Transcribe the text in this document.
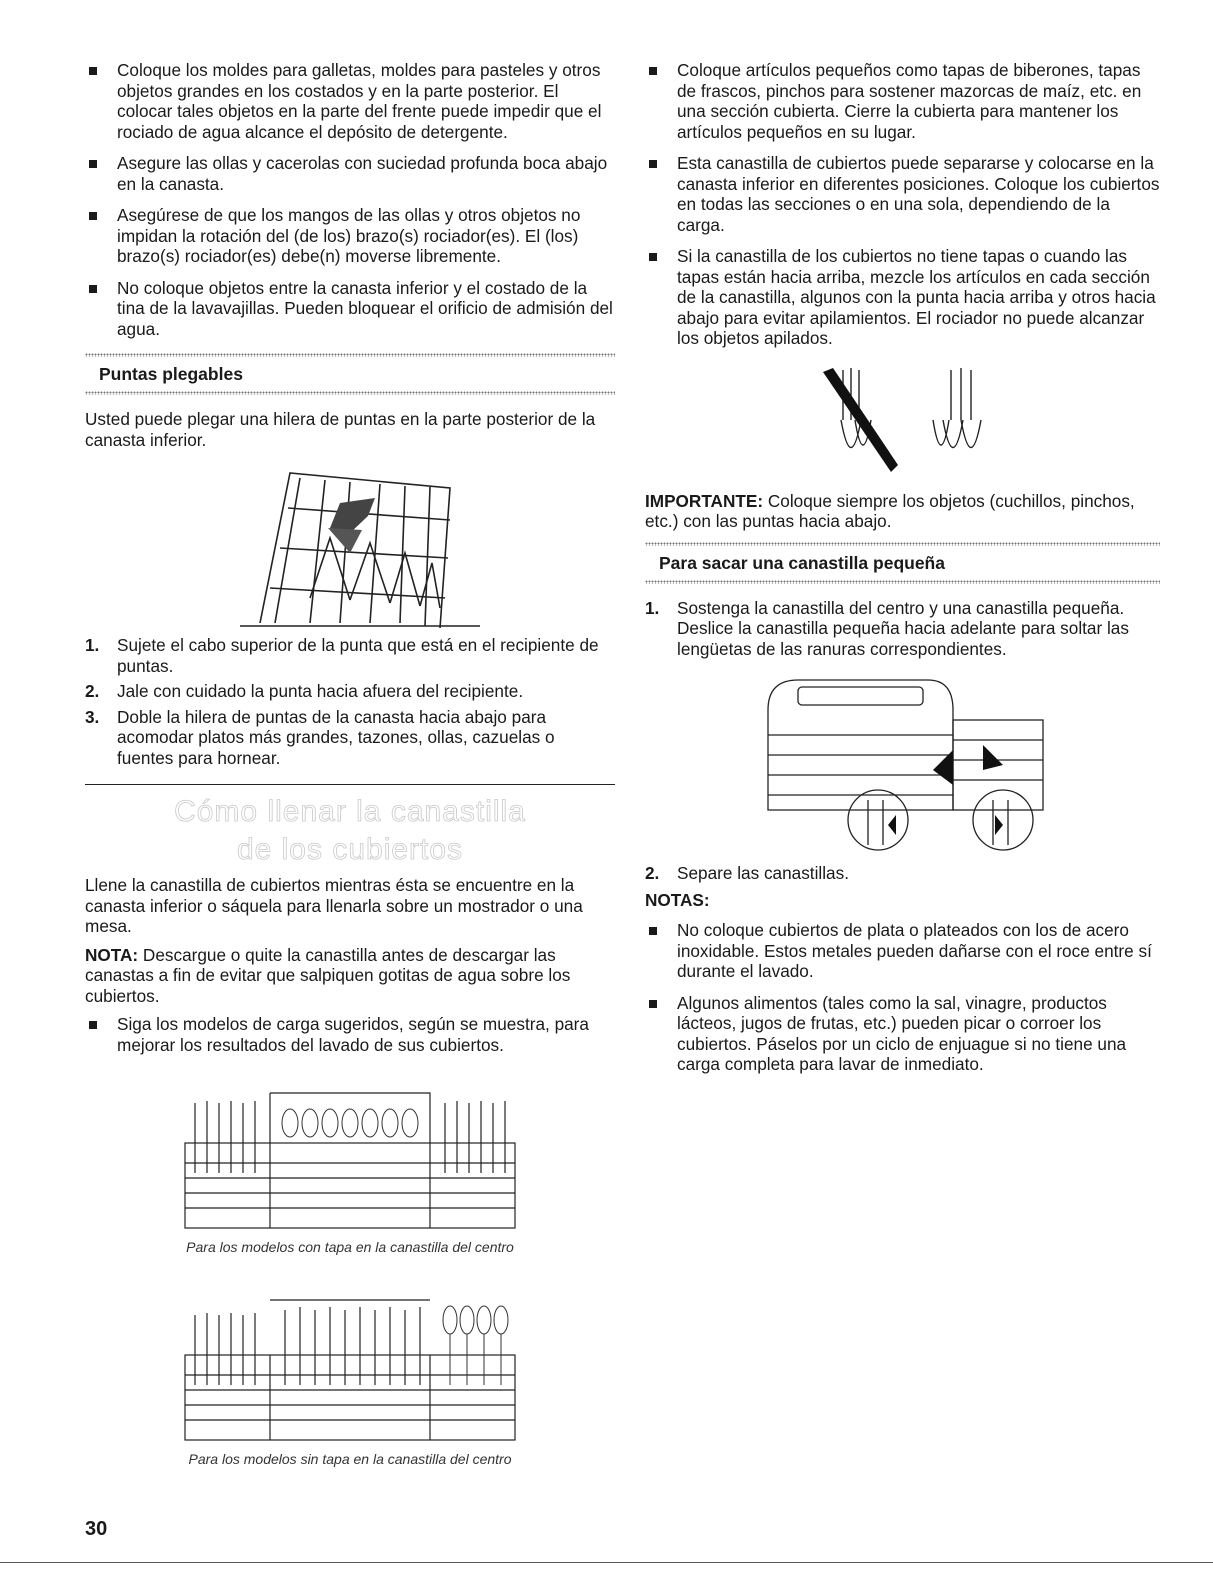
Coloque los moldes para galletas, moldes para pasteles y otros objetos grandes en los costados y en la parte posterior. El colocar tales objetos en la parte del frente puede impedir que el rociado de agua alcance el depósito de detergente.
Asegure las ollas y cacerolas con suciedad profunda boca abajo en la canasta.
Asegúrese de que los mangos de las ollas y otros objetos no impidan la rotación del (de los) brazo(s) rociador(es). El (los) brazo(s) rociador(es) debe(n) moverse libremente.
No coloque objetos entre la canasta inferior y el costado de la tina de la lavavajillas. Pueden bloquear el orificio de admisión del agua.
Puntas plegables

Usted puede plegar una hilera de puntas en la parte posterior de la canasta inferior.

1. Sujete el cabo superior de la punta que está en el recipiente de puntas.
2. Jale con cuidado la punta hacia afuera del recipiente.
3. Doble la hilera de puntas de la canasta hacia abajo para acomodar platos más grandes, tazones, ollas, cazuelas o fuentes para hornear.
Cómo llenar la canastilla
de los cubiertos

Llene la canastilla de cubiertos mientras ésta se encuentre en la canasta inferior o sáquela para llenarla sobre un mostrador o una mesa.

NOTA: Descargue o quite la canastilla antes de descargar las canastas a fin de evitar que salpiquen gotitas de agua sobre los cubiertos.

Siga los modelos de carga sugeridos, según se muestra, para mejorar los resultados del lavado de sus cubiertos.

Para los modelos con tapa en la canastilla del centro

Para los modelos sin tapa en la canastilla del centro

Coloque artículos pequeños como tapas de biberones, tapas de frascos, pinchos para sostener mazorcas de maíz, etc. en una sección cubierta. Cierre la cubierta para mantener los artículos pequeños en su lugar.
Esta canastilla de cubiertos puede separarse y colocarse en la canasta inferior en diferentes posiciones. Coloque los cubiertos en todas las secciones o en una sola, dependiendo de la carga.
Si la canastilla de los cubiertos no tiene tapas o cuando las tapas están hacia arriba, mezcle los artículos en cada sección de la canastilla, algunos con la punta hacia arriba y otros hacia abajo para evitar apilamientos. El rociador no puede alcanzar los objetos apilados.

IMPORTANTE: Coloque siempre los objetos (cuchillos, pinchos, etc.) con las puntas hacia abajo.

Para sacar una canastilla pequeña
1. Sostenga la canastilla del centro y una canastilla pequeña. Deslice la canastilla pequeña hacia adelante para soltar las lengüetas de las ranuras correspondientes.
2. Separe las canastillas.
NOTAS:
No coloque cubiertos de plata o plateados con los de acero inoxidable. Estos metales pueden dañarse con el roce entre sí durante el lavado.
Algunos alimentos (tales como la sal, vinagre, productos lácteos, jugos de frutas, etc.) pueden picar o corroer los cubiertos. Páselos por un ciclo de enjuague si no tiene una carga completa para lavar de inmediato.
30
